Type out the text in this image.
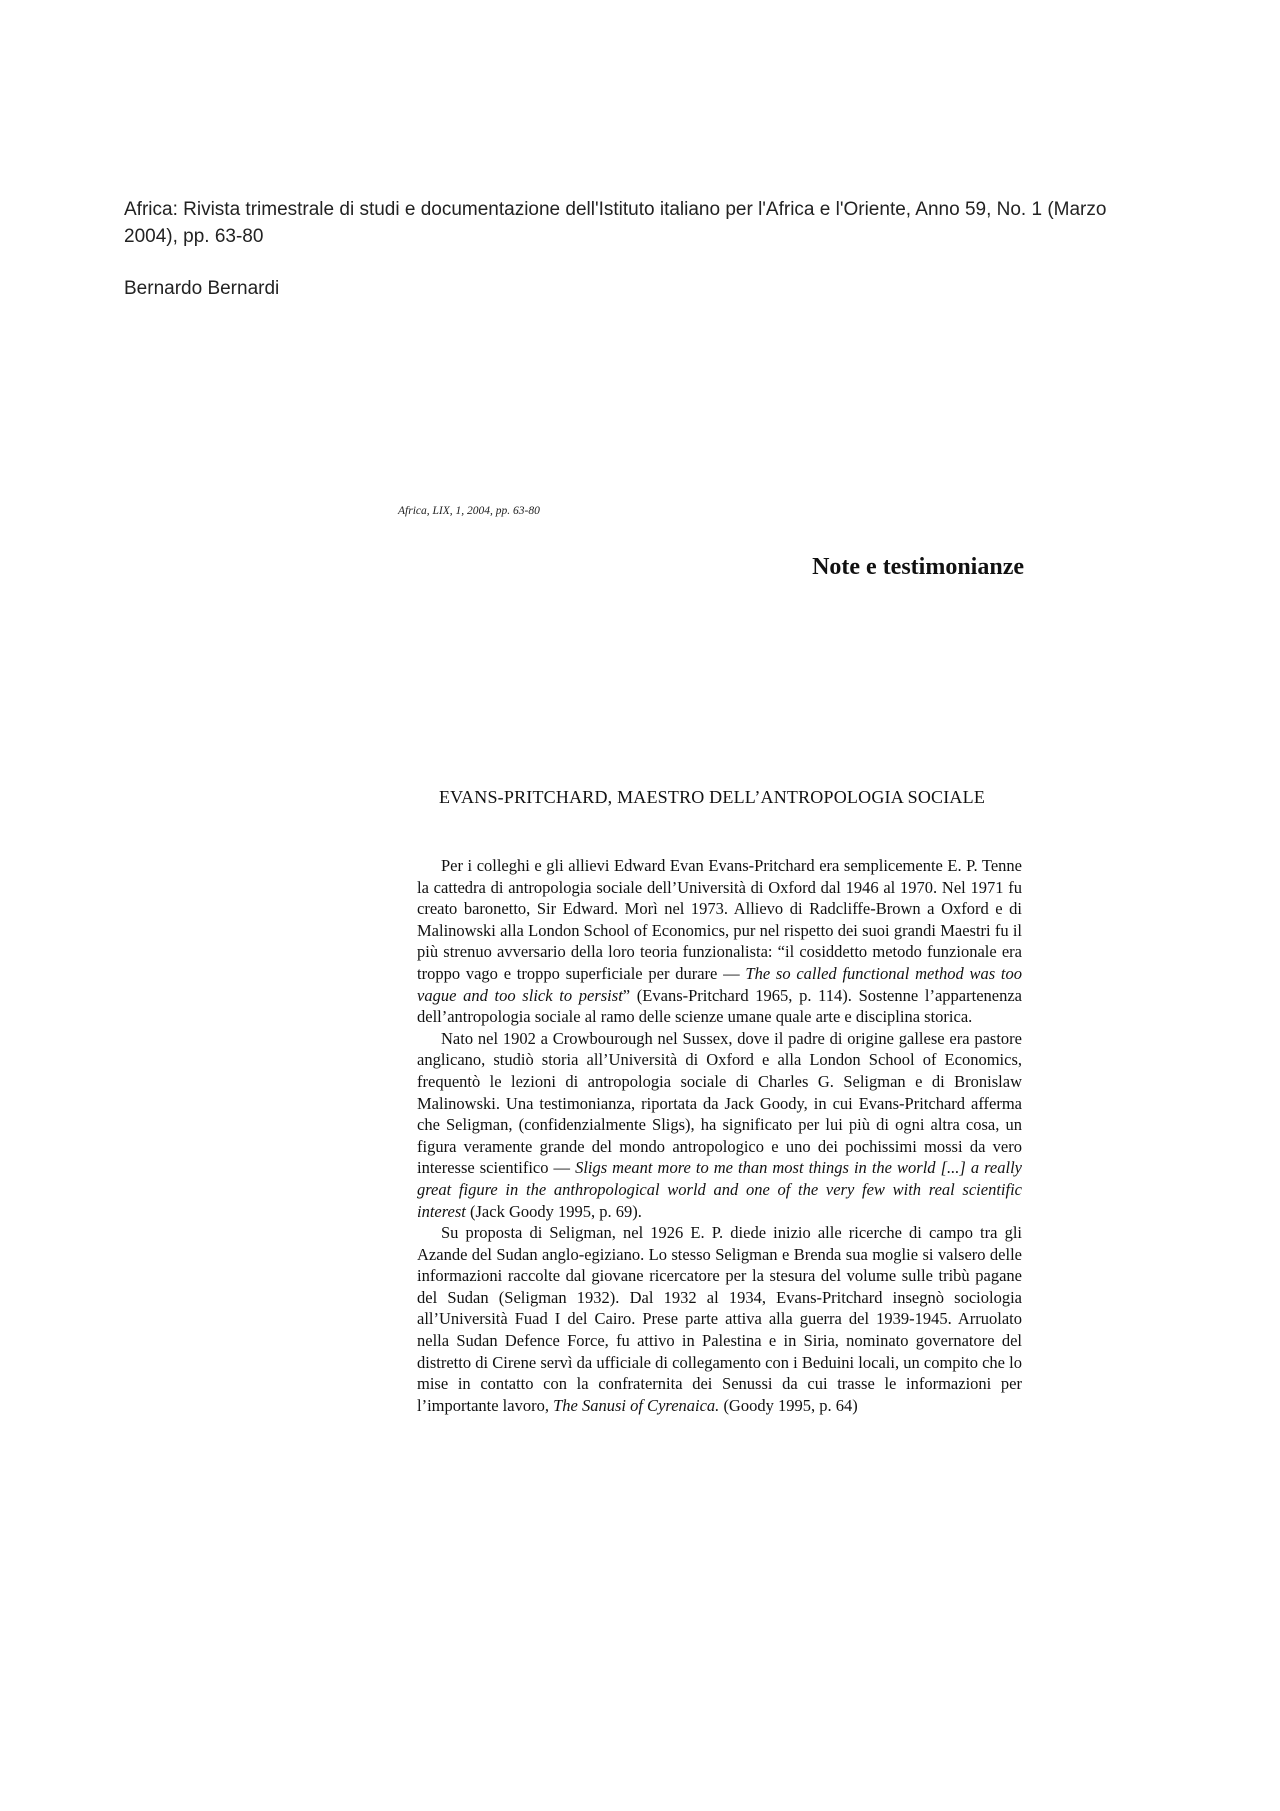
Africa: Rivista trimestrale di studi e documentazione dell'Istituto italiano per l'Africa e l'Oriente, Anno 59, No. 1 (Marzo 2004), pp. 63-80
Bernardo Bernardi
Africa, LIX, 1, 2004, pp. 63-80
Note e testimonianze
EVANS-PRITCHARD, MAESTRO DELL’ANTROPOLOGIA SOCIALE

Per i colleghi e gli allievi Edward Evan Evans-Pritchard era semplicemente E. P. Tenne la cattedra di antropologia sociale dell’Università di Oxford dal 1946 al 1970. Nel 1971 fu creato baronetto, Sir Edward. Morì nel 1973. Allievo di Radcliffe-Brown a Oxford e di Malinowski alla London School of Economics, pur nel rispetto dei suoi grandi Maestri fu il più strenuo avversario della loro teoria funzionalista: “il cosiddetto metodo funzionale era troppo vago e troppo superficiale per durare — The so called functional method was too vague and too slick to persist” (Evans-Pritchard 1965, p. 114). Sostenne l’appartenenza dell’antropologia sociale al ramo delle scienze umane quale arte e disciplina storica.

Nato nel 1902 a Crowbourough nel Sussex, dove il padre di origine gallese era pastore anglicano, studiò storia all’Università di Oxford e alla London School of Economics, frequentò le lezioni di antropologia sociale di Charles G. Seligman e di Bronislaw Malinowski. Una testimonianza, riportata da Jack Goody, in cui Evans-Pritchard afferma che Seligman, (confidenzialmente Sligs), ha significato per lui più di ogni altra cosa, un figura veramente grande del mondo antropologico e uno dei pochissimi mossi da vero interesse scientifico — Sligs meant more to me than most things in the world [...] a really great figure in the anthropological world and one of the very few with real scientific interest (Jack Goody 1995, p. 69).

Su proposta di Seligman, nel 1926 E. P. diede inizio alle ricerche di campo tra gli Azande del Sudan anglo-egiziano. Lo stesso Seligman e Brenda sua moglie si valsero delle informazioni raccolte dal giovane ricercatore per la stesura del volume sulle tribù pagane del Sudan (Seligman 1932). Dal 1932 al 1934, Evans-Pritchard insegnò sociologia all’Università Fuad I del Cairo. Prese parte attiva alla guerra del 1939-1945. Arruolato nella Sudan Defence Force, fu attivo in Palestina e in Siria, nominato governatore del distretto di Cirene servì da ufficiale di collegamento con i Beduini locali, un compito che lo mise in contatto con la confraternita dei Senussi da cui trasse le informazioni per l’importante lavoro, The Sanusi of Cyrenaica. (Goody 1995, p. 64)
